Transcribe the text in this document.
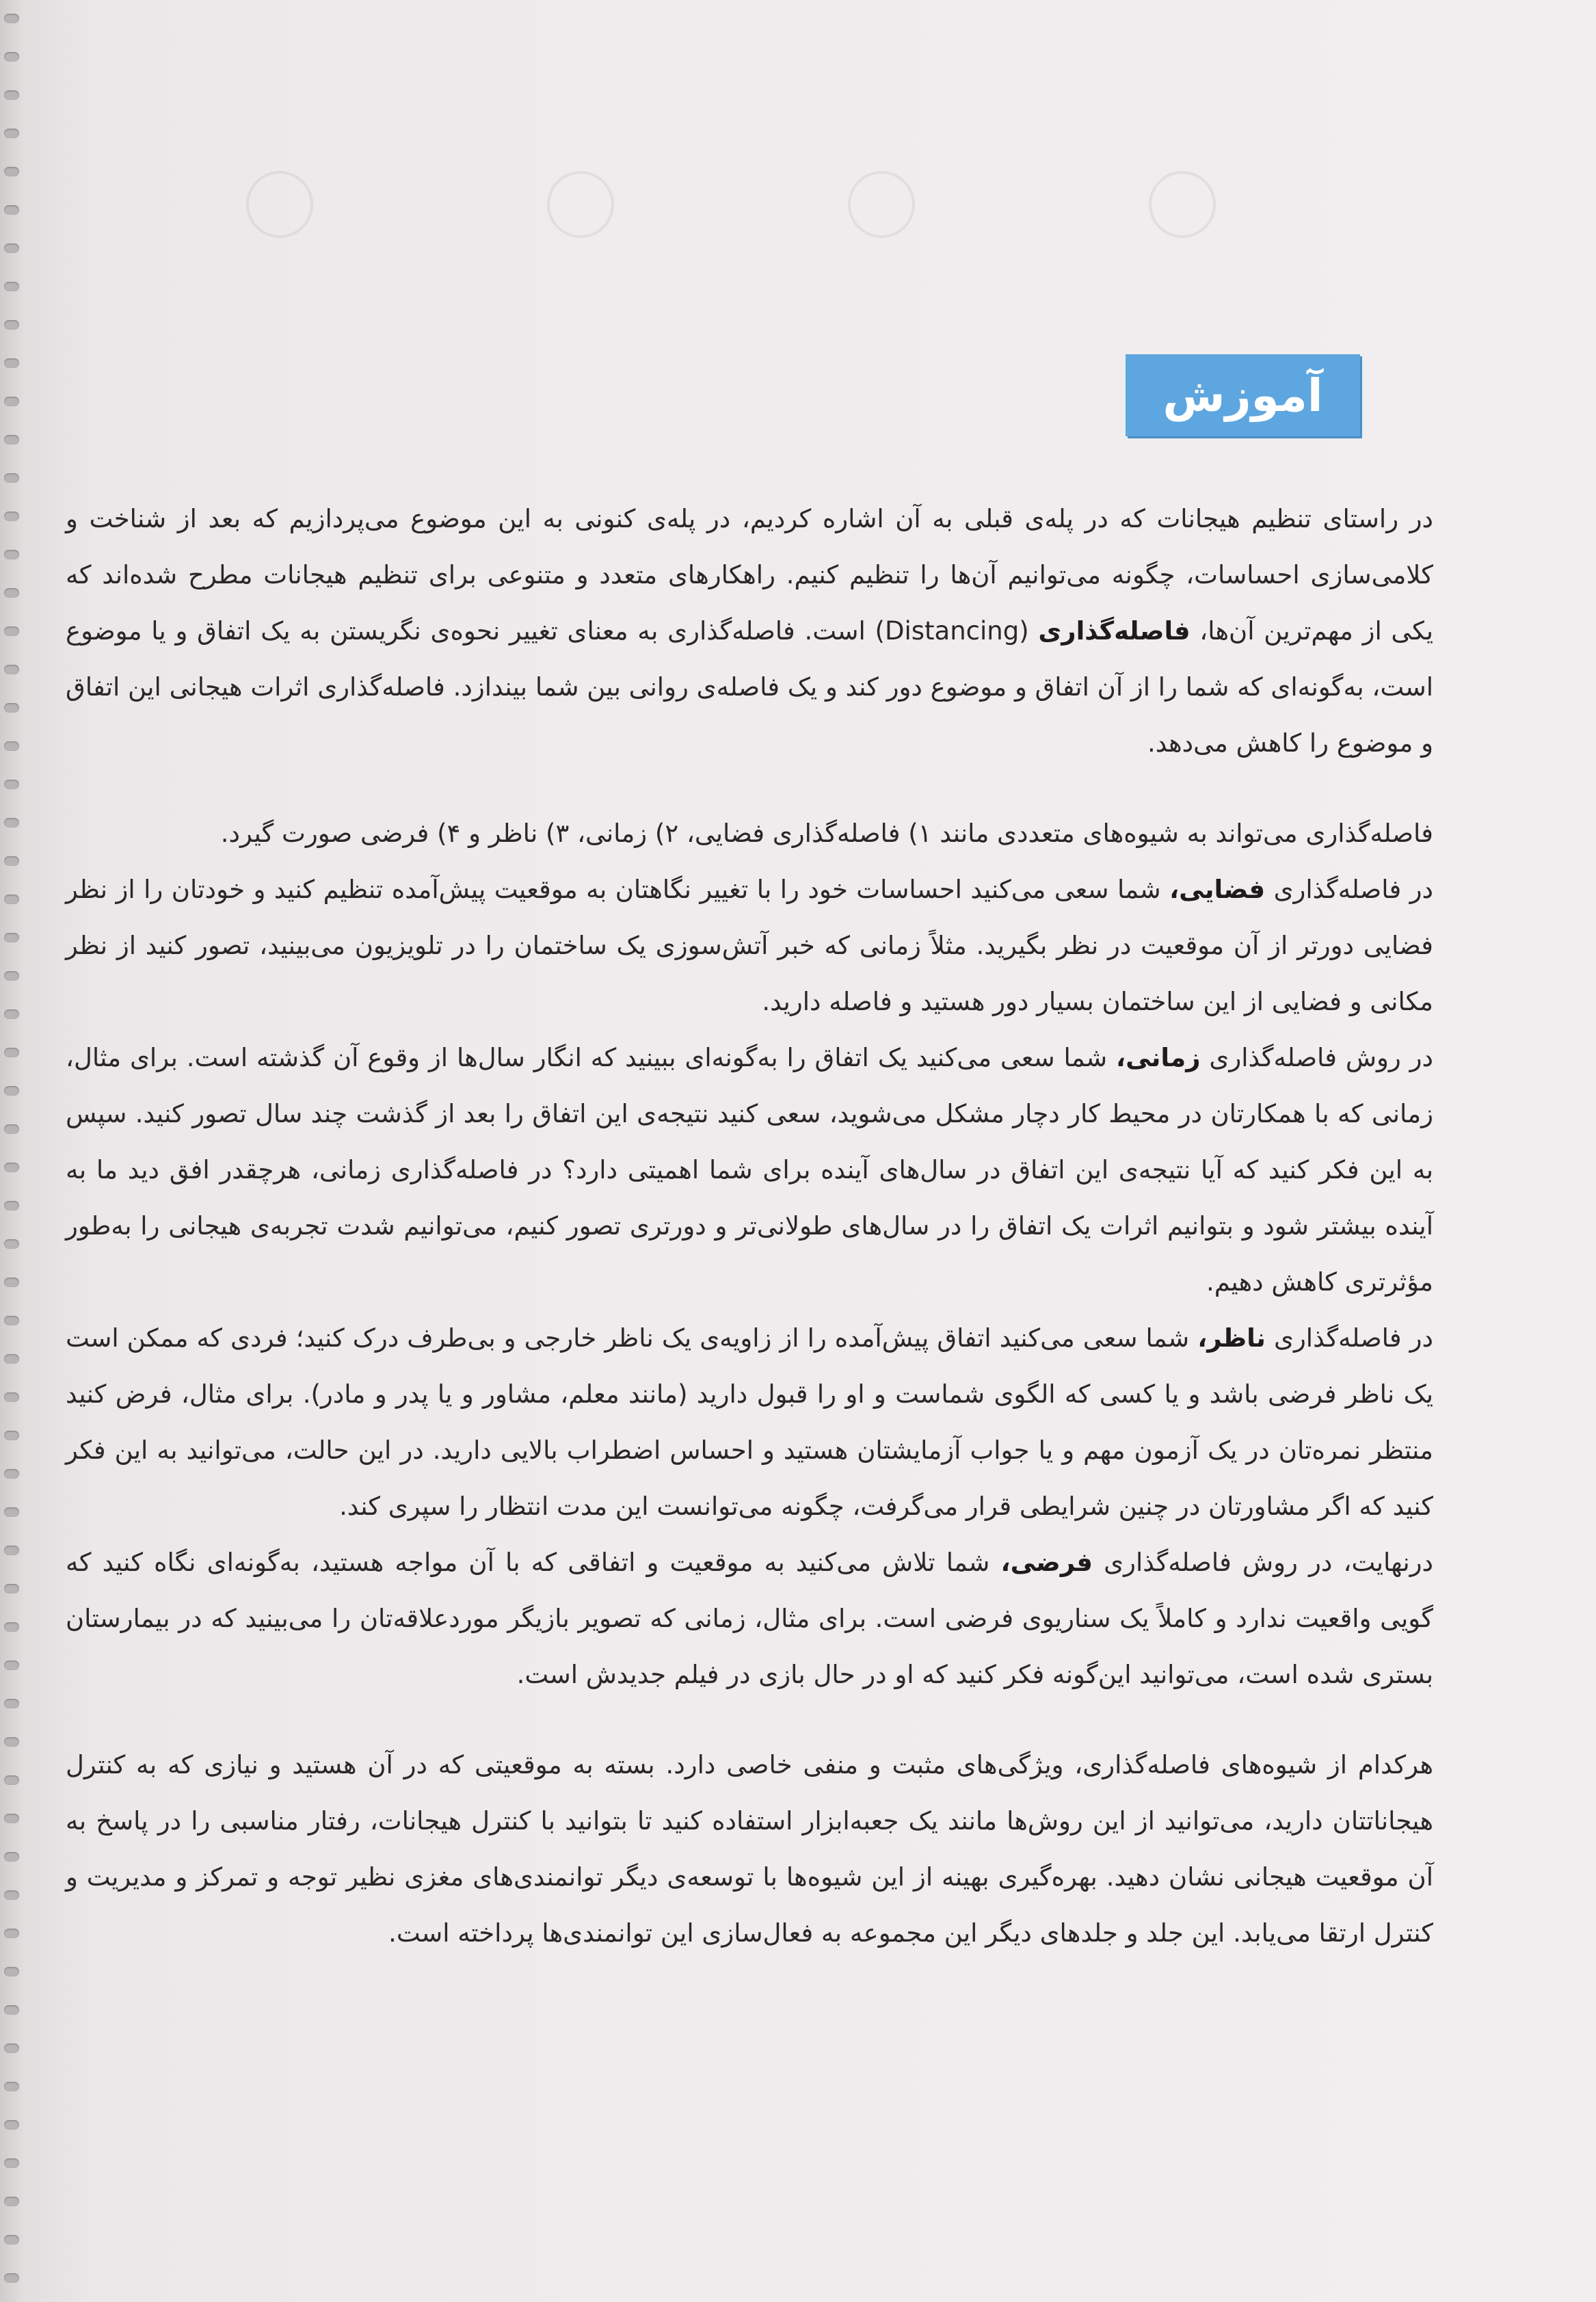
آموزش

در راستای تنظیم هیجانات که در پله‌ی قبلی به آن اشاره کردیم، در پله‌ی کنونی به این موضوع می‌پردازیم که بعد از شناخت و کلامی‌سازی احساسات، چگونه می‌توانیم آن‌ها را تنظیم کنیم. راهکارهای متعدد و متنوعی برای تنظیم هیجانات مطرح شده‌اند که یکی از مهم‌ترین آن‌ها، فاصله‌گذاری (Distancing) است. فاصله‌گذاری به معنای تغییر نحوه‌ی نگریستن به یک اتفاق و یا موضوع است، به‌گونه‌ای که شما را از آن اتفاق و موضوع دور کند و یک فاصله‌ی روانی بین شما بیندازد. فاصله‌گذاری اثرات هیجانی این اتفاق و موضوع را کاهش می‌دهد.

فاصله‌گذاری می‌تواند به شیوه‌های متعددی مانند ۱) فاصله‌گذاری فضایی، ۲) زمانی، ۳) ناظر و ۴) فرضی صورت گیرد.

در فاصله‌گذاری فضایی، شما سعی می‌کنید احساسات خود را با تغییر نگاهتان به موقعیت پیش‌آمده تنظیم کنید و خودتان را از نظر فضایی دورتر از آن موقعیت در نظر بگیرید. مثلاً زمانی که خبر آتش‌سوزی یک ساختمان را در تلویزیون می‌بینید، تصور کنید از نظر مکانی و فضایی از این ساختمان بسیار دور هستید و فاصله دارید.

در روش فاصله‌گذاری زمانی، شما سعی می‌کنید یک اتفاق را به‌گونه‌ای ببینید که انگار سال‌ها از وقوع آن گذشته است. برای مثال، زمانی که با همکارتان در محیط کار دچار مشکل می‌شوید، سعی کنید نتیجه‌ی این اتفاق را بعد از گذشت چند سال تصور کنید. سپس به این فکر کنید که آیا نتیجه‌ی این اتفاق در سال‌های آینده برای شما اهمیتی دارد؟ در فاصله‌گذاری زمانی، هرچقدر افق دید ما به آینده بیشتر شود و بتوانیم اثرات یک اتفاق را در سال‌های طولانی‌تر و دورتری تصور کنیم، می‌توانیم شدت تجربه‌ی هیجانی را به‌طور مؤثرتری کاهش دهیم.

در فاصله‌گذاری ناظر، شما سعی می‌کنید اتفاق پیش‌آمده را از زاویه‌ی یک ناظر خارجی و بی‌طرف درک کنید؛ فردی که ممکن است یک ناظر فرضی باشد و یا کسی که الگوی شماست و او را قبول دارید (مانند معلم، مشاور و یا پدر و مادر). برای مثال، فرض کنید منتظر نمره‌تان در یک آزمون مهم و یا جواب آزمایشتان هستید و احساس اضطراب بالایی دارید. در این حالت، می‌توانید به این فکر کنید که اگر مشاورتان در چنین شرایطی قرار می‌گرفت، چگونه می‌توانست این مدت انتظار را سپری کند.

درنهایت، در روش فاصله‌گذاری فرضی، شما تلاش می‌کنید به موقعیت و اتفاقی که با آن مواجه هستید، به‌گونه‌ای نگاه کنید که گویی واقعیت ندارد و کاملاً یک سناریوی فرضی است. برای مثال، زمانی که تصویر بازیگر موردعلاقه‌تان را می‌بینید که در بیمارستان بستری شده است، می‌توانید این‌گونه فکر کنید که او در حال بازی در فیلم جدیدش است.

هرکدام از شیوه‌های فاصله‌گذاری، ویژگی‌های مثبت و منفی خاصی دارد. بسته به موقعیتی که در آن هستید و نیازی که به کنترل هیجاناتتان دارید، می‌توانید از این روش‌ها مانند یک جعبه‌ابزار استفاده کنید تا بتوانید با کنترل هیجانات، رفتار مناسبی را در پاسخ به آن موقعیت هیجانی نشان دهید. بهره‌گیری بهینه از این شیوه‌ها با توسعه‌ی دیگر توانمندی‌های مغزی نظیر توجه و تمرکز و مدیریت و کنترل ارتقا می‌یابد. این جلد و جلدهای دیگر این مجموعه به فعال‌سازی این توانمندی‌ها پرداخته است.
